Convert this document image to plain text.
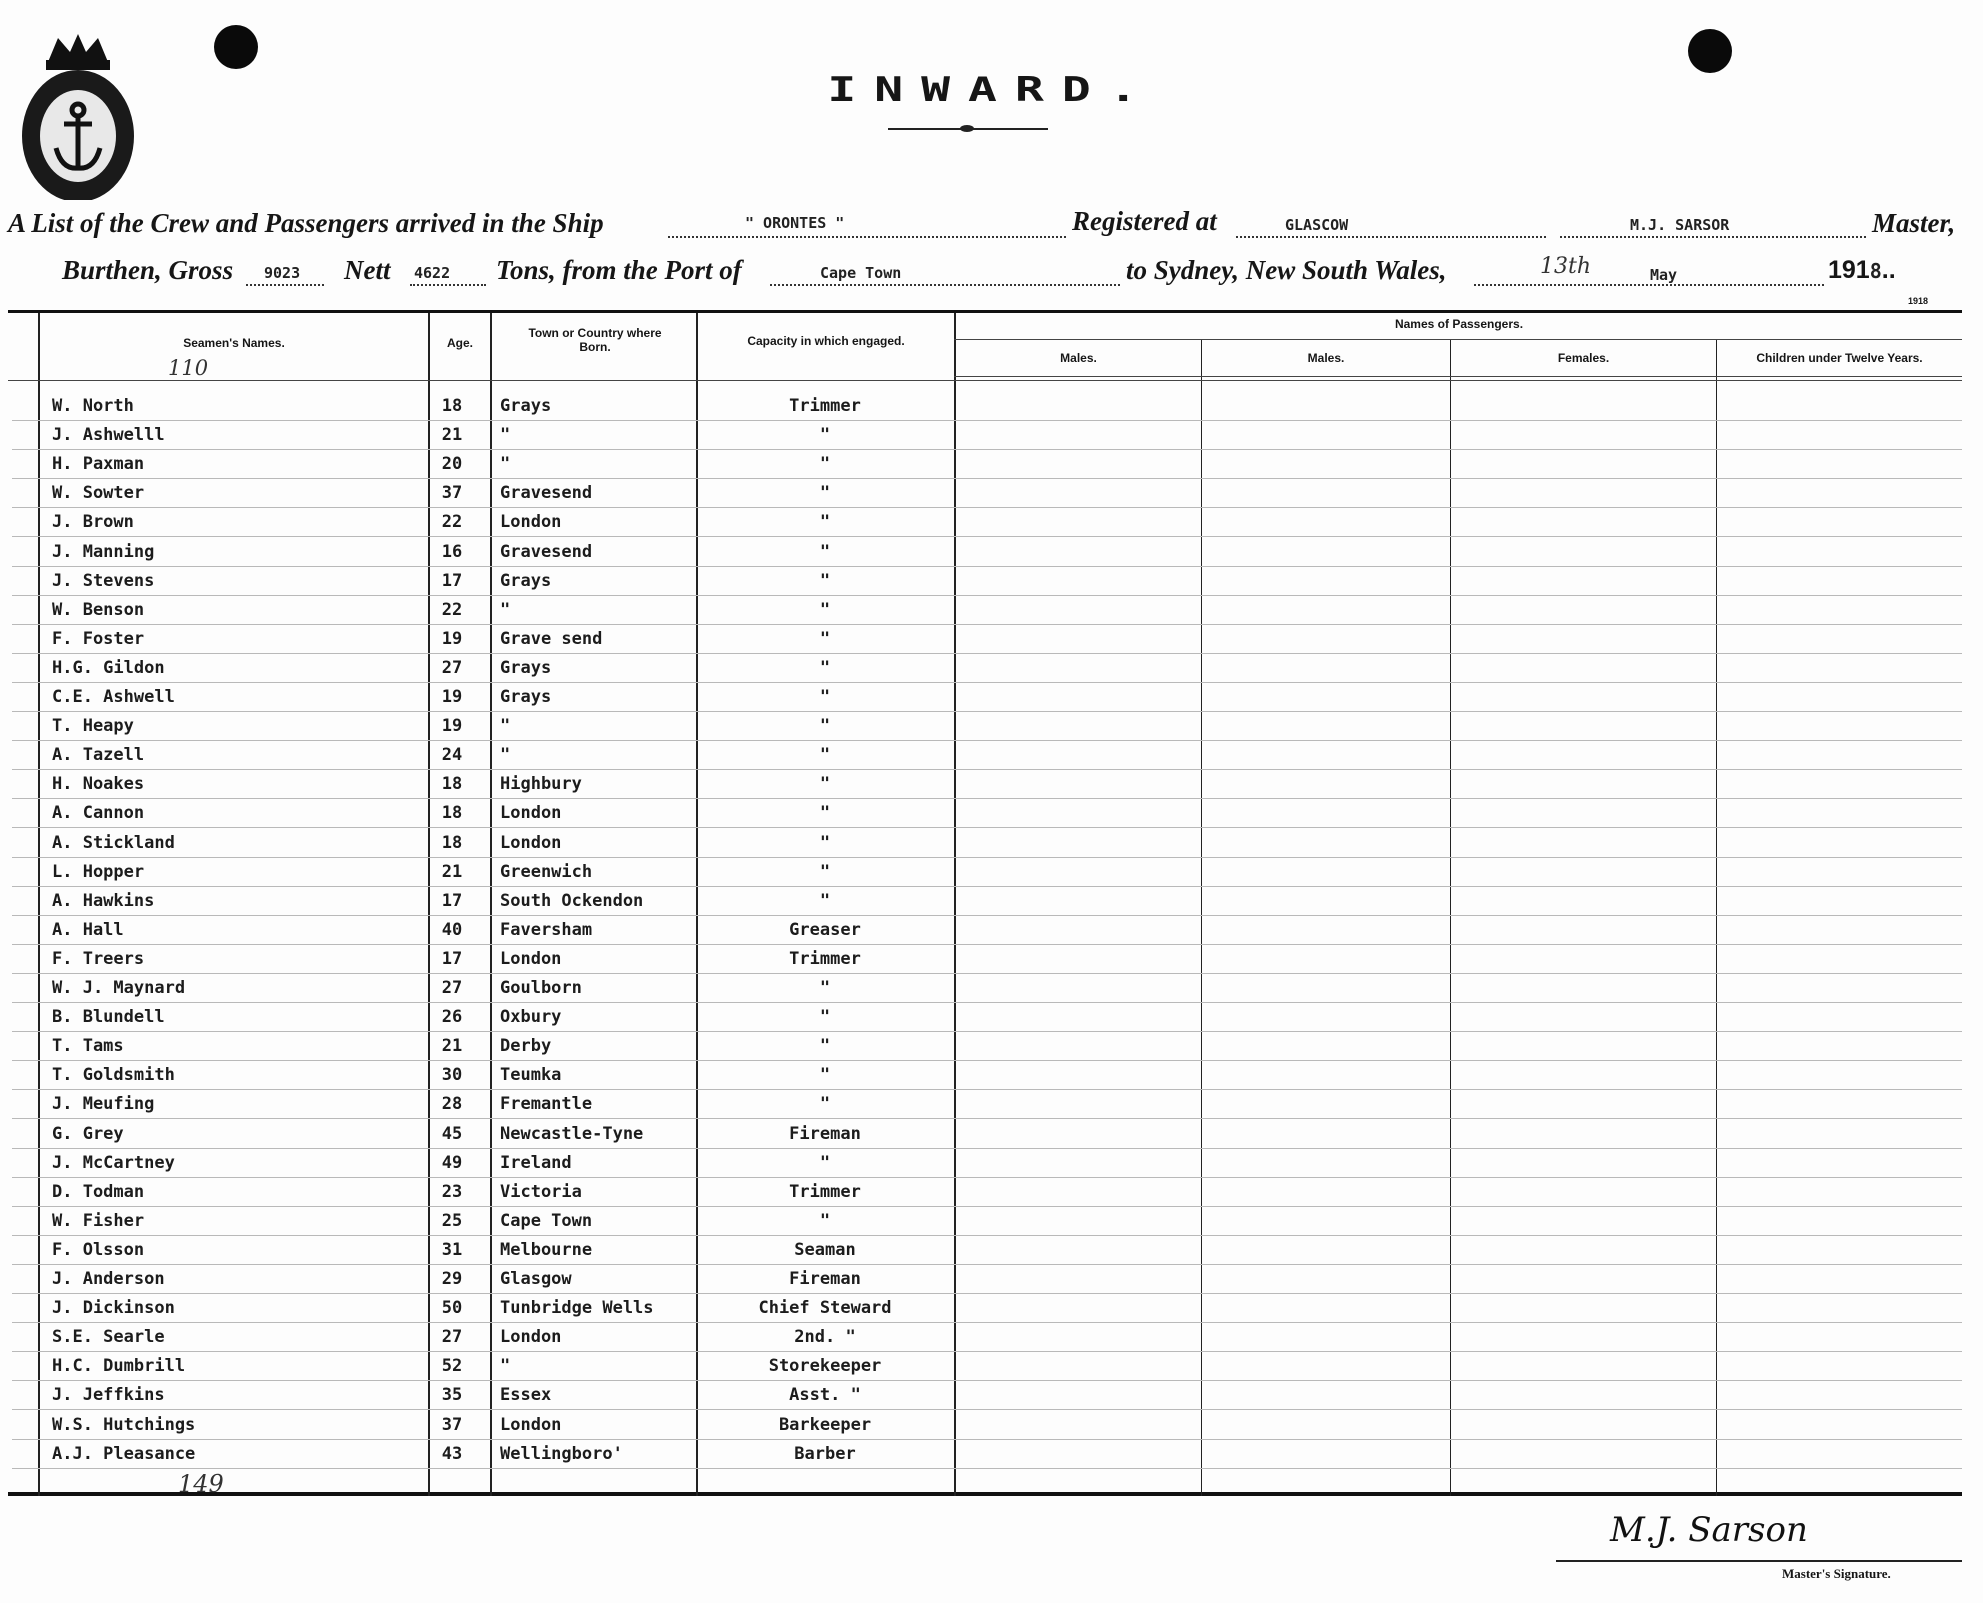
INWARD.
A List of the Crew and Passengers arrived in the Ship	" ORONTES "	Registered at	GLASCOW	M.J. SARSOR	Master,
Burthen, Gross 9023 Nett 4622 Tons, from the Port of	Cape Town	to Sydney, New South Wales,	13th	May	1918..
1918
Seamen's Names.	Age.
Town or Country where Born.	Capacity in which engaged.
Names of Passengers.
Males.	Males.	Females.	Children under Twelve Years.
110
W. North	18	Grays	Trimmer
J. Ashwelll	21	"	"
H. Paxman	20	"	"
W. Sowter	37	Gravesend	"
J. Brown	22	London	"
J. Manning	16	Gravesend	"
J. Stevens	17	Grays	"
W. Benson	22	"	"
F. Foster	19	Grave send	"
H.G. Gildon	27	Grays	"
C.E. Ashwell	19	Grays	"
T. Heapy	19	"	"
A. Tazell	24	"	"
H. Noakes	18	Highbury	"
A. Cannon	18	London	"
A. Stickland	18	London	"
L. Hopper	21	Greenwich	"
A. Hawkins	17	South Ockendon	"
A. Hall	40	Faversham	Greaser
F. Treers	17	London	Trimmer
W. J. Maynard	27	Goulborn	"
B. Blundell	26	Oxbury	"
T. Tams	21	Derby	"
T. Goldsmith	30	Teumka	"
J. Meufing	28	Fremantle	"
G. Grey	45	Newcastle-Tyne	Fireman
J. McCartney	49	Ireland	"
D. Todman	23	Victoria	Trimmer
W. Fisher	25	Cape Town	"
F. Olsson	31	Melbourne	Seaman
J. Anderson	29	Glasgow	Fireman
J. Dickinson	50	Tunbridge Wells	Chief Steward
S.E. Searle	27	London	2nd. "
H.C. Dumbrill	52	"	Storekeeper
J. Jeffkins	35	Essex	Asst. "
W.S. Hutchings	37	London	Barkeeper
A.J. Pleasance	43	Wellingboro'	Barber
149
M.J. Sarson
Master's Signature.
